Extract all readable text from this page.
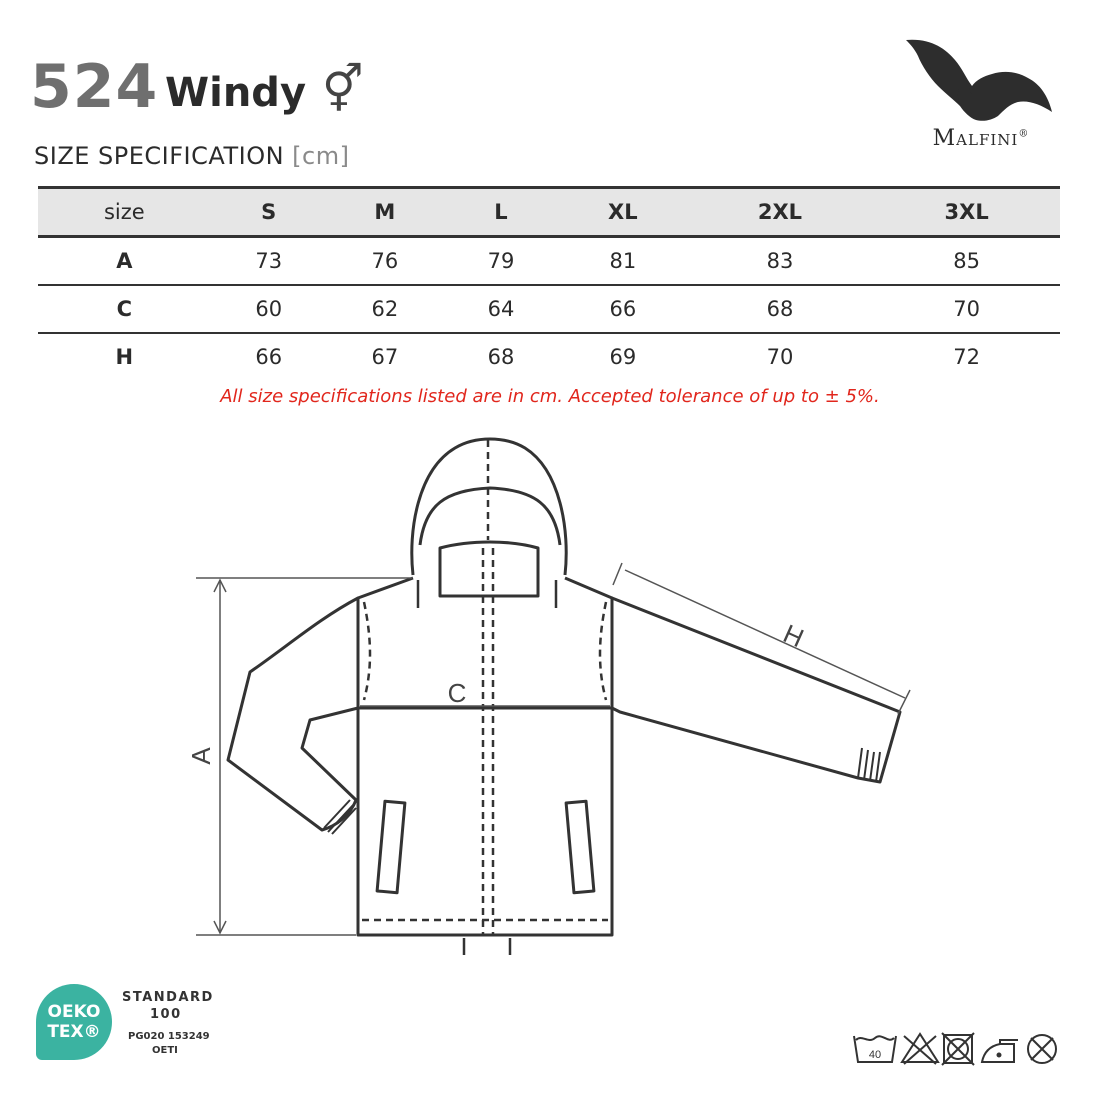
524 Windy ⚥
SIZE SPECIFICATION [cm]
Malfini®
size	S	M	L	XL	2XL	3XL
A	73	76	79	81	83	85
C	60	62	64	66	68	70
H	66	67	68	69	70	72
All size specifications listed are in cm. Accepted tolerance of up to ± 5%.
A
C
H
OEKO
TEX®
STANDARD
100
PG020 153249
OETI	40
